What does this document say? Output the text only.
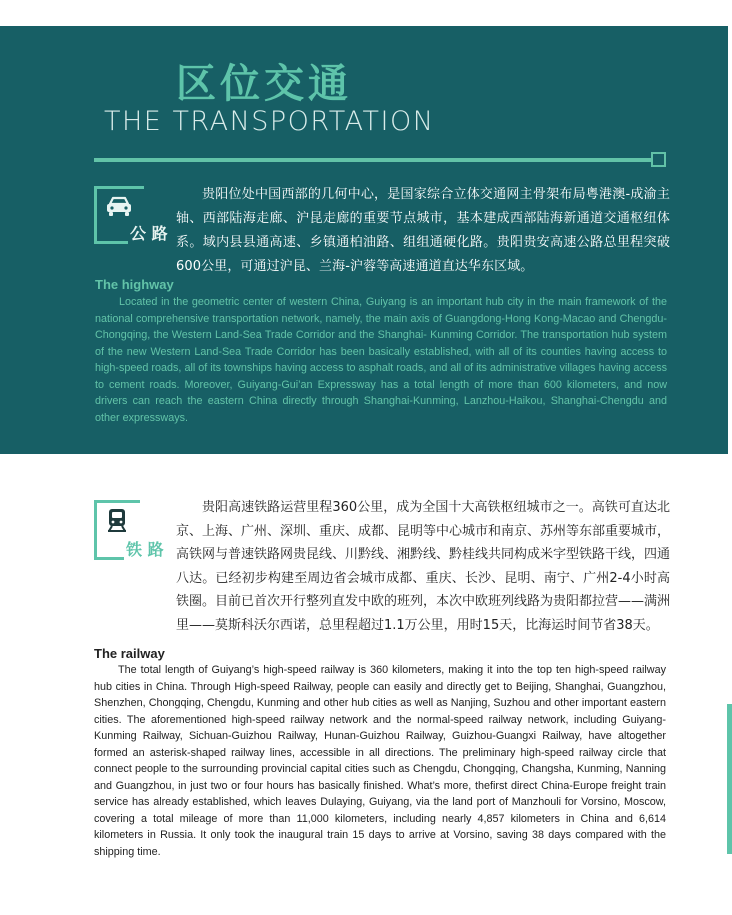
区位交通
THE TRANSPORTATION
公 路

贵阳位处中国西部的几何中心，是国家综合立体交通网主骨架布局粤港澳-成渝主轴、西部陆海走廊、沪昆走廊的重要节点城市，基本建成西部陆海新通道交通枢纽体系。域内县县通高速、乡镇通柏油路、组组通硬化路。贵阳贵安高速公路总里程突破600公里，可通过沪昆、兰海-沪蓉等高速通道直达华东区域。

The highway

Located in the geometric center of western China, Guiyang is an important hub city in the main framework of the national comprehensive transportation network, namely, the main axis of Guangdong-Hong Kong-Macao and Chengdu-Chongqing, the Western Land-Sea Trade Corridor and the Shanghai- Kunming Corridor. The transportation hub system of the new Western Land-Sea Trade Corridor has been basically established, with all of its counties having access to high-speed roads, all of its townships having access to asphalt roads, and all of its administrative villages having access to cement roads. Moreover, Guiyang-Gui’an Expressway has a total length of more than 600 kilometers, and now drivers can reach the eastern China directly through Shanghai-Kunming, Lanzhou-Haikou, Shanghai-Chengdu and other expressways.

铁 路

贵阳高速铁路运营里程360公里，成为全国十大高铁枢纽城市之一。高铁可直达北京、上海、广州、深圳、重庆、成都、昆明等中心城市和南京、苏州等东部重要城市，高铁网与普速铁路网贵昆线、川黔线、湘黔线、黔桂线共同构成米字型铁路干线，四通八达。已经初步构建至周边省会城市成都、重庆、长沙、昆明、南宁、广州2-4小时高铁圈。目前已首次开行整列直发中欧的班列，本次中欧班列线路为贵阳都拉营——满洲里——莫斯科沃尔西诺，总里程超过1.1万公里，用时15天，比海运时间节省38天。

The railway

The total length of Guiyang’s high-speed railway is 360 kilometers, making it into the top ten high-speed railway hub cities in China. Through High-speed Railway, people can easily and directly get to Beijing, Shanghai, Guangzhou, Shenzhen, Chongqing, Chengdu, Kunming and other hub cities as well as Nanjing, Suzhou and other important eastern cities. The aforementioned high-speed railway network and the normal-speed railway network, including Guiyang-Kunming Railway, Sichuan-Guizhou Railway, Hunan-Guizhou Railway, Guizhou-Guangxi Railway, have altogether formed an asterisk-shaped railway lines, accessible in all directions. The preliminary high-speed railway circle that connect people to the surrounding provincial capital cities such as Chengdu, Chongqing, Changsha, Kunming, Nanning and Guangzhou, in just two or four hours has basically finished. What’s more, thefirst direct China-Europe freight train service has already established, which leaves Dulaying, Guiyang, via the land port of Manzhouli for Vorsino, Moscow, covering a total mileage of more than 11,000 kilometers, including nearly 4,857 kilometers in China and 6,614 kilometers in Russia. It only took the inaugural train 15 days to arrive at Vorsino, saving 38 days compared with the shipping time.
